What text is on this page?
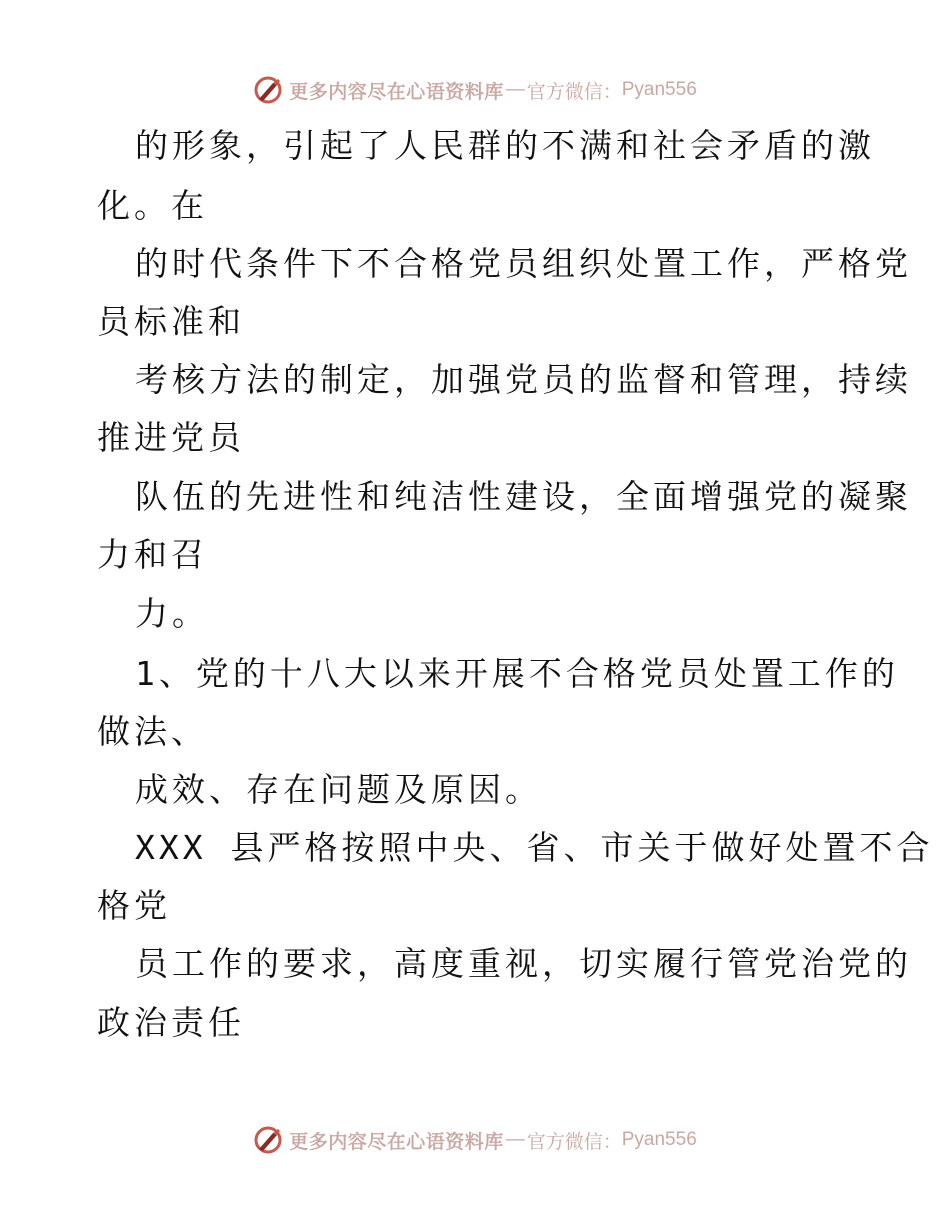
更多内容尽在心语资料库 — 官方微信： Pyan556
的形象，引起了人民群的不满和社会矛盾的激
化。在
的时代条件下不合格党员组织处置工作，严格党
员标准和
考核方法的制定，加强党员的监督和管理，持续
推进党员
队伍的先进性和纯洁性建设，全面增强党的凝聚
力和召
力。
1、党的十八大以来开展不合格党员处置工作的
做法、
成效、存在问题及原因。
XXX 县严格按照中央、省、市关于做好处置不合
格党
员工作的要求，高度重视，切实履行管党治党的
政治责任
更多内容尽在心语资料库 — 官方微信： Pyan556
